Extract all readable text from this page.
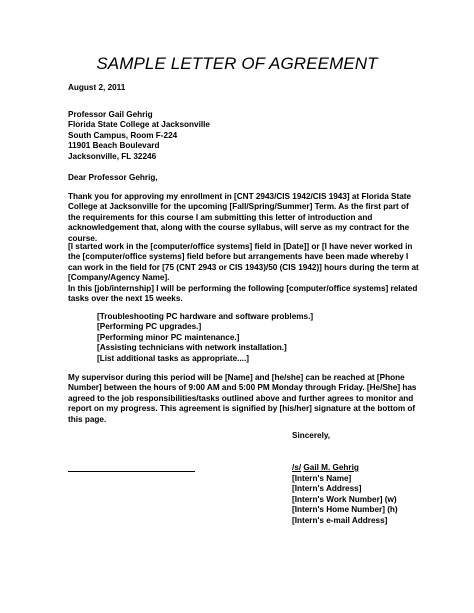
SAMPLE LETTER OF AGREEMENT
August 2, 2011
Professor Gail Gehrig
Florida State College at Jacksonville
South Campus, Room F-224
11901 Beach Boulevard
Jacksonville, FL 32246
Dear Professor Gehrig,
Thank you for approving my enrollment in [CNT 2943/CIS 1942/CIS 1943] at Florida State
College at Jacksonville for the upcoming [Fall/Spring/Summer] Term. As the first part of
the requirements for this course I am submitting this letter of introduction and
acknowledgement that, along with the course syllabus, will serve as my contract for the
course.
[I started work in the [computer/office systems] field in [Date]] or [I have never worked in
the [computer/office systems] field before but arrangements have been made whereby I
can work in the field for [75 (CNT 2943 or CIS 1943)/50 (CIS 1942)] hours during the term at
[Company/Agency Name].
In this [job/internship] I will be performing the following [computer/office systems] related
tasks over the next 15 weeks.
[Troubleshooting PC hardware and software problems.]
[Performing PC upgrades.]
[Performing minor PC maintenance.]
[Assisting technicians with network installation.]
[List additional tasks as appropriate....]
My supervisor during this period will be [Name] and [he/she] can be reached at [Phone
Number] between the hours of 9:00 AM and 5:00 PM Monday through Friday. [He/She] has
agreed to the job responsibilities/tasks outlined above and further agrees to monitor and
report on my progress. This agreement is signified by [his/her] signature at the bottom of
this page.
Sincerely,
/s/ Gail M. Gehrig
[Intern's Name]
[Intern's Address]
[Intern's Work Number] (w)
[Intern's Home Number] (h)
[Intern's e-mail Address]
